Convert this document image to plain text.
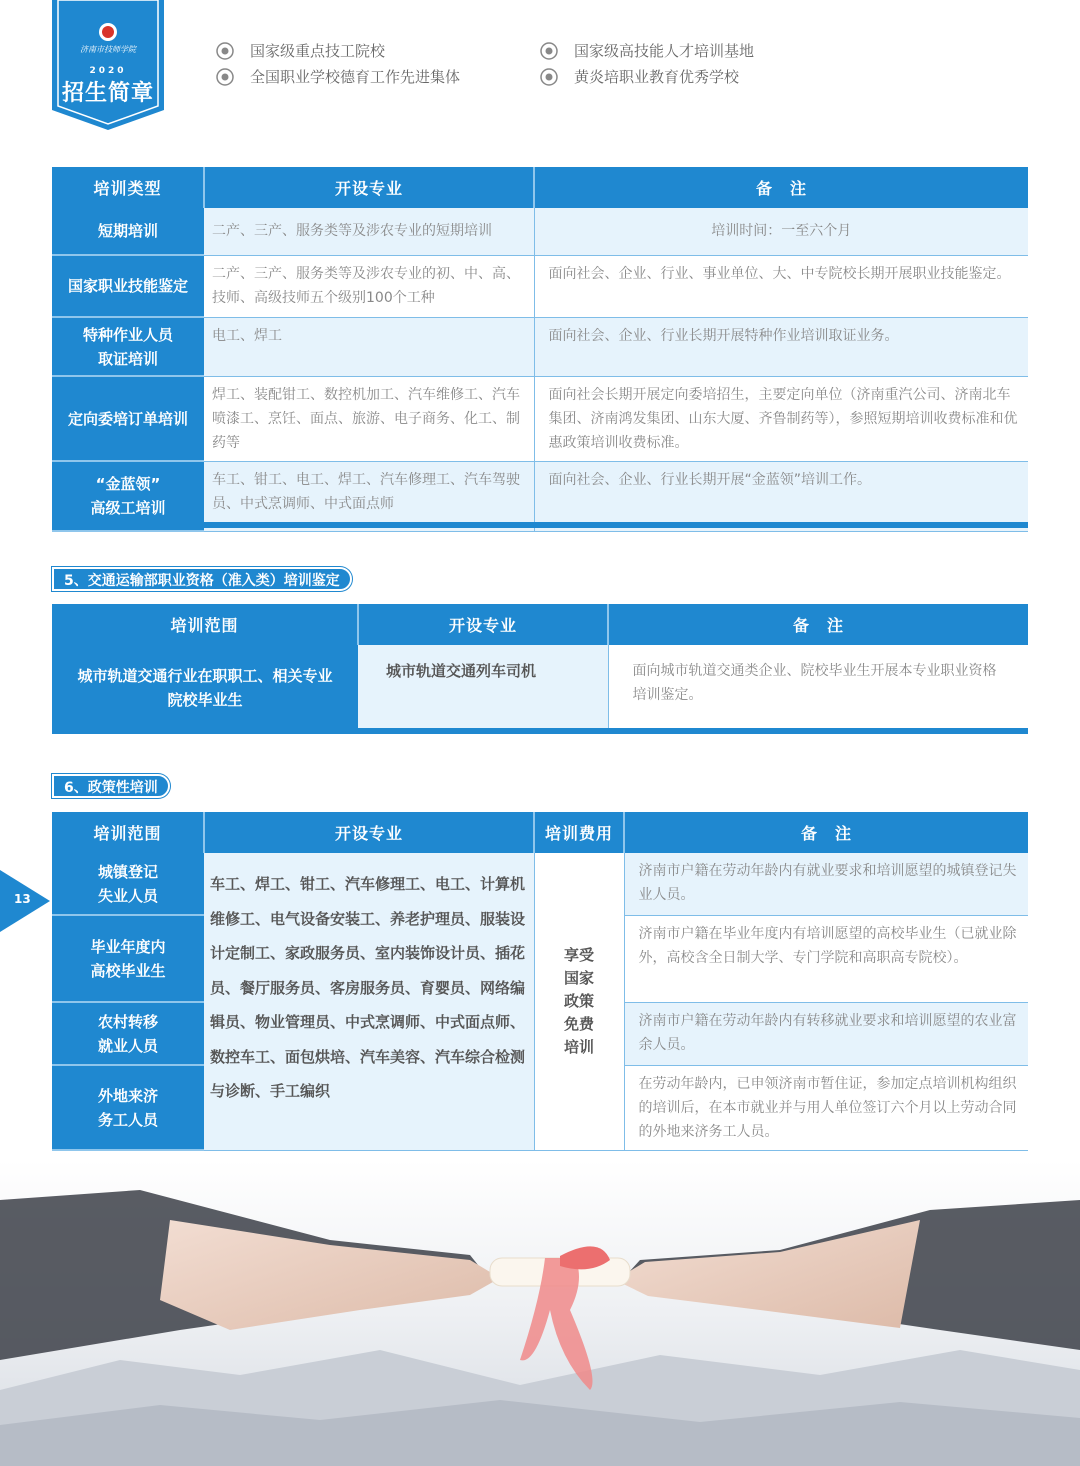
济南市技师学院
2020
招生简章
国家级重点技工院校	国家级高技能人才培训基地
全国职业学校德育工作先进集体	黄炎培职业教育优秀学校
培训类型	开设专业	备　注
短期培训	二产、三产、服务类等及涉农专业的短期培训	培训时间：一至六个月
国家职业技能鉴定	二产、三产、服务类等及涉农专业的初、中、高、技师、高级技师五个级别100个工种	面向社会、企业、行业、事业单位、大、中专院校长期开展职业技能鉴定。

特种作业人员
取证培训	电工、焊工	面向社会、企业、行业长期开展特种作业培训取证业务。
定向委培订单培训	焊工、装配钳工、数控机加工、汽车维修工、汽车喷漆工、烹饪、面点、旅游、电子商务、化工、制药等	面向社会长期开展定向委培招生，主要定向单位（济南重汽公司、济南北车集团、济南鸿发集团、山东大厦、齐鲁制药等），参照短期培训收费标准和优惠政策培训收费标准。

“金蓝领”
高级工培训	车工、钳工、电工、焊工、汽车修理工、汽车驾驶员、中式烹调师、中式面点师	面向社会、企业、行业长期开展“金蓝领”培训工作。
5、交通运输部职业资格（准入类）培训鉴定
培训范围	开设专业	备　注
城市轨道交通行业在职职工、相关专业院校毕业生	城市轨道交通列车司机	面向城市轨道交通类企业、院校毕业生开展本专业职业资格培训鉴定。
6、政策性培训
培训范围	开设专业	培训费用	备　注

城镇登记
失业人员	车工、焊工、钳工、汽车修理工、电工、计算机维修工、电气设备安装工、养老护理员、服装设计定制工、家政服务员、室内装饰设计员、插花员、餐厅服务员、客房服务员、育婴员、网络编辑员、物业管理员、中式烹调师、中式面点师、数控车工、面包烘培、汽车美容、汽车综合检测与诊断、手工编织	享受国家政策免费培训	济南市户籍在劳动年龄内有就业要求和培训愿望的城镇登记失业人员。

毕业年度内
高校毕业生			济南市户籍在毕业年度内有培训愿望的高校毕业生（已就业除外，高校含全日制大学、专门学院和高职高专院校）。

农村转移
就业人员			济南市户籍在劳动年龄内有转移就业要求和培训愿望的农业富余人员。

外地来济
务工人员			在劳动年龄内，已申领济南市暂住证，参加定点培训机构组织的培训后，在本市就业并与用人单位签订六个月以上劳动合同的外地来济务工人员。
13
